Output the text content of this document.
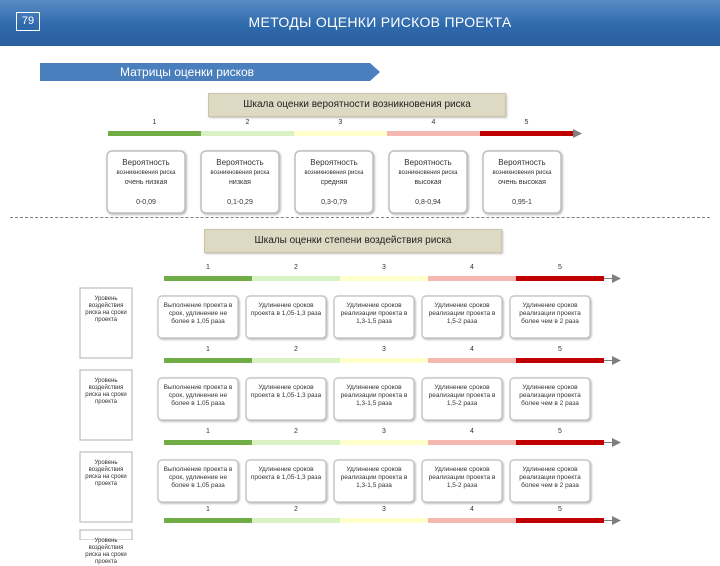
79	МЕТОДЫ ОЦЕНКИ РИСКОВ ПРОЕКТА
Матрицы оценки рисков
Шкала оценки вероятности возникновения риска
Шкалы оценки степени воздействия риска
1	2	3	4	5
Вероятность
возникновения риска
очень низкая
0-0,09
Вероятность
возникновения риска
низкая
0,1-0,29
Вероятность
возникновения риска
средняя
0,3-0,79
Вероятность
возникновения риска
высокая
0,8-0,94
Вероятность
возникновения риска
очень высокая
0,95-1
1	2	3	4	5
Уровень воздействия риска на сроки проекта
Выполнение проекта в срок, удлинение не более в 1,05 раза
Удлинение сроков проекта в 1,05-1,3 раза
Удлинение сроков реализации проекта в 1,3-1,5 раза
Удлинение сроков реализации проекта в 1,5-2 раза
Удлинение сроков реализации проекта более чем в 2 раза
1	2	3	4	5
Уровень воздействия риска на сроки проекта
Выполнение проекта в срок, удлинение не более в 1,05 раза
Удлинение сроков проекта в 1,05-1,3 раза
Удлинение сроков реализации проекта в 1,3-1,5 раза
Удлинение сроков реализации проекта в 1,5-2 раза
Удлинение сроков реализации проекта более чем в 2 раза
1	2	3	4	5
Уровень воздействия риска на сроки проекта
Выполнение проекта в срок, удлинение не более в 1,05 раза
Удлинение сроков проекта в 1,05-1,3 раза
Удлинение сроков реализации проекта в 1,3-1,5 раза
Удлинение сроков реализации проекта в 1,5-2 раза
Удлинение сроков реализации проекта более чем в 2 раза
1	2	3	4	5
Уровень воздействия риска на сроки проекта
